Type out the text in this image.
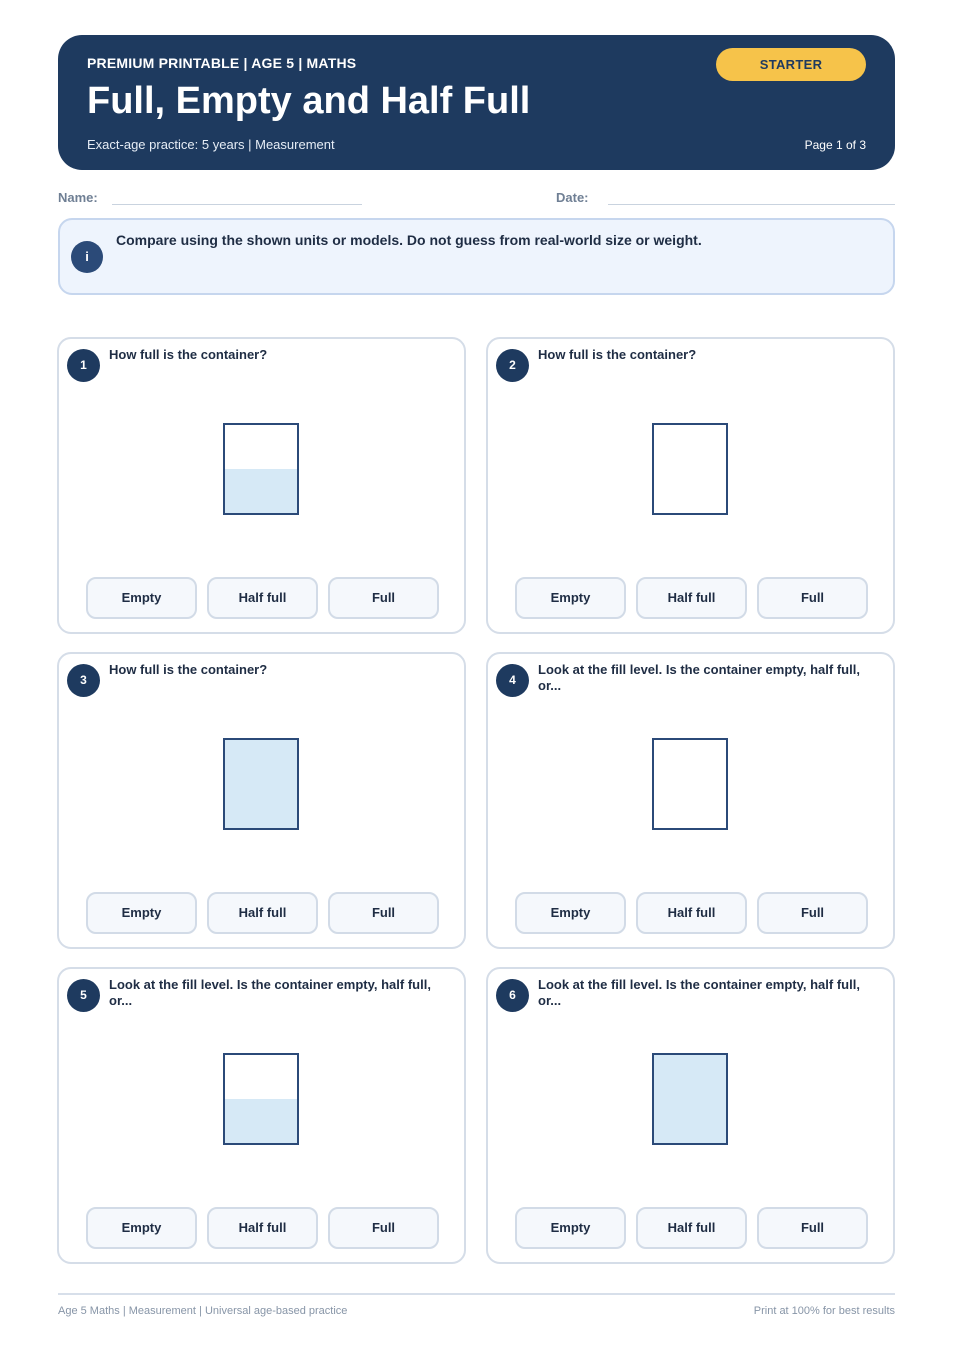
PREMIUM PRINTABLE | AGE 5 | MATHS
Full, Empty and Half Full
Exact-age practice: 5 years | Measurement
STARTER
Page 1 of 3
Name:	Date:
i
Compare using the shown units or models. Do not guess from real-world size or weight.
1
How full is the container?
Empty	Half full	Full
2
How full is the container?
Empty	Half full	Full
3
How full is the container?
Empty	Half full	Full
4
Look at the fill level. Is the container empty, half full, or...
Empty	Half full	Full
5
Look at the fill level. Is the container empty, half full, or...
Empty	Half full	Full
6
Look at the fill level. Is the container empty, half full, or...
Empty	Half full	Full
Age 5 Maths | Measurement | Universal age-based practice	Print at 100% for best results
